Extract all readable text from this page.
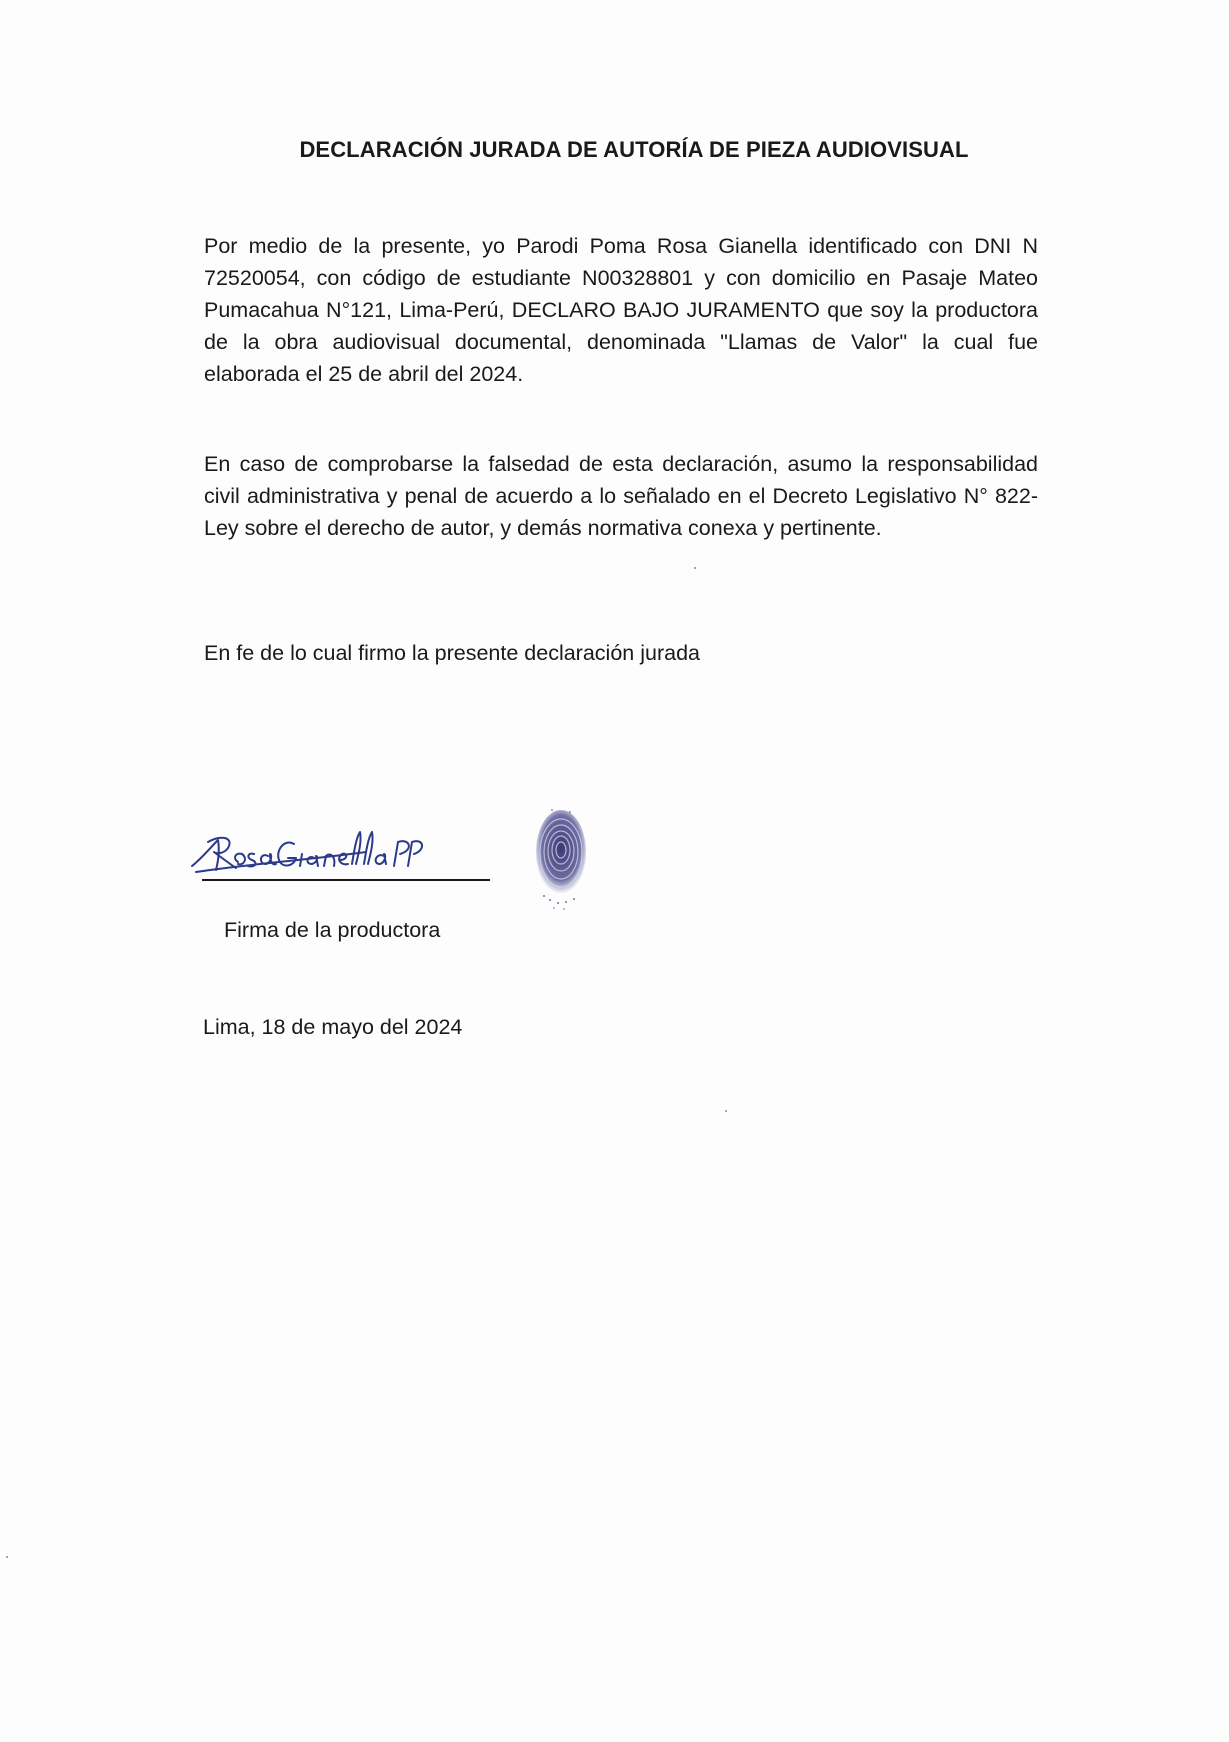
DECLARACIÓN JURADA DE AUTORÍA DE PIEZA AUDIOVISUAL

Por medio de la presente, yo Parodi Poma Rosa Gianella identificado con DNI N 72520054, con código de estudiante N00328801 y con domicilio en Pasaje Mateo Pumacahua N°121, Lima-Perú, DECLARO BAJO JURAMENTO que soy la productora de la obra audiovisual documental, denominada "Llamas de Valor" la cual fue elaborada el 25 de abril del 2024.

En caso de comprobarse la falsedad de esta declaración, asumo la responsabilidad civil administrativa y penal de acuerdo a lo señalado en el Decreto Legislativo N° 822-Ley sobre el derecho de autor, y demás normativa conexa y pertinente.

En fe de lo cual firmo la presente declaración jurada

Firma de la productora

Lima, 18 de mayo del 2024
